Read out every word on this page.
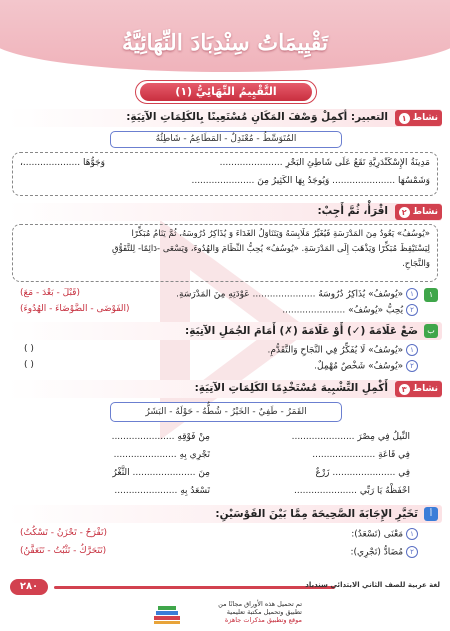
تَقْيِيمَاتُ سِنْدِبَادَ النِّهَائِيَّةُ
التَّقْيِيمُ النِّهَائِيُّ (١)
نشاط
١
التعبير: أكمِلْ وَصْفَ المَكَانِ مُسْتَعِينًا بِالكَلِمَاتِ الآتِيَةِ:
المُتَوَسِّطُ - مُعْتَدِلٌ - المَطَاعِمُ - شَاطِئُهُ
مَدِينَةُ الإِسْكَنْدَرِيَّةِ تَقَعُ عَلَى شَاطِئِ البَحْرِ ......................
وَجَوُّهَا ....................،
وَشَمْسُهَا ...................... وَيُوجَدُ بِهَا الكَثِيرُ مِنَ ......................
نشاط
٢
اقْرَأْ، ثُمَّ أَجِبْ:
«يُوسُفُ» يَعُودُ مِنَ المَدْرَسَةِ فَيُغَيِّرُ مَلَابِسَهُ وَيَتَنَاوَلُ الغَدَاءَ وَ يُذَاكِرُ دُرُوسَهُ، ثُمَّ يَنَامُ مُبَكِّرًا
لِيَسْتَيْقِظَ مُبَكِّرًا وَيَذْهَبَ إِلَى المَدْرَسَةِ. «يُوسُفُ» يُحِبُّ النِّظَامَ وَالهُدُوءَ، وَيَسْعَى -دَائِمًا- لِلتَّفَوُّقِ
وَالنَّجَاحِ.
١
١ «يُوسُفُ» يُذَاكِرُ دُرُوسَهُ ...................... عَوْدَتِهِ مِنَ المَدْرَسَةِ.
(قَبْلَ - بَعْدَ - مَعَ)
٢ يُحِبُّ «يُوسُفُ» ......................
(الفَوْضَى - الضَّوْضَاءَ - الهُدُوءَ)
ب
ضَعْ عَلَامَةَ (✓) أَوْ عَلَامَةَ (✗) أَمَامَ الجُمَلِ الآتِيَةِ:
١ «يُوسُفُ» لَا يُفَكِّرُ فِي النَّجَاحِ وَالتَّقَدُّمِ.
( )
٢ «يُوسُفُ» شَخْصٌ مُهْمِلٌ.
( )
نشاط
٣
أَكْمِلِ التَّشْبِيهَ مُسْتَخْدِمًا الكَلِمَاتِ الآتِيَةِ:
القَمَرُ - طَفِيٌ - الخَيْرُ - شُطُّهُ - حَوْلَهُ - البَشَرُ
النِّيلُ فِي مِصْرَ ......................
مِنْ فَوْقِهِ ......................
فِي قَاعَةِ ......................
تَجْرِي بِهِ ......................
فِي ...................... زَرْعٌ
مِنَ ...................... الثَّغْرُ
احْفَظْهُ يَا رَبِّي ......................
تَسْعَدُ بِهِ ......................
أ
تَخَيَّرِ الإِجَابَةَ الصَّحِيحَةَ مِمَّا بَيْنَ القَوْسَيْنِ:
١ مَعْنَى (تَسْعَدُ):
(تَفْرَحُ - تَحْزَنُ - تَسْكُتُ)
٢ مُضَادُّ (تَجْرِي):
(تَتَحَرَّكُ - تَثْبُتُ - تَتَعَفَّنُ)
٢٨٠	لغة عربية للصف الثاني الابتدائي سندباد
تم تحميل هذه الأوراق مجانًا من
تطبيق وتحميل مكتبة تعليمية
موقع وتطبيق مذكرات جاهزة
